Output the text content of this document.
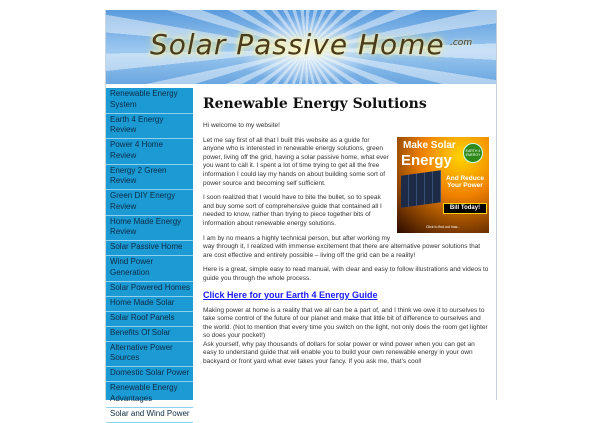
Solar Passive Home .com
Renewable Energy System
Earth 4 Energy Review
Power 4 Home Review
Energy 2 Green Review
Green DIY Energy Review
Home Made Energy Review
Solar Passive Home
Wind Power Generation
Solar Powered Homes
Home Made Solar
Solar Roof Panels
Benefits Of Solar
Alternative Power Sources
Domestic Solar Power
Renewable Energy Advantages
Solar and Wind Power
Renewable Energy Solutions

Hi welcome to my website!

Make Solar
Energy
EARTH 4 ENERGY
And Reduce Your Power
Bill Today!
Click to find out how...

Let me say first of all that I built this website as a guide for anyone who is interested in renewable energy solutions, green power, living off the grid, having a solar passive home, what ever you want to call it. I spent a lot of time trying to get all the free information I could lay my hands on about building some sort of power source and becoming self sufficient.

I soon realized that I would have to bite the bullet, so to speak and buy some sort of comprehensive guide that contained all I needed to know, rather than trying to piece together bits of information about renewable energy solutions.

I am by no means a highly technical person, but after working my way through it, I realized with immense excitement that there are alternative power solutions that are cost effective and entirely possible – living off the grid can be a reality!

Here is a great, simple easy to read manual, with clear and easy to follow illustrations and videos to guide you through the whole process.

Click Here for your Earth 4 Energy Guide

Making power at home is a reality that we all can be a part of, and I think we owe it to ourselves to take some control of the future of our planet and make that little bit of difference to ourselves and the world. (Not to mention that every time you switch on the light, not only does the room get lighter so does your pocket!)

Ask yourself, why pay thousands of dollars for solar power or wind power when you can get an easy to understand guide that will enable you to build your own renewable energy in your own backyard or front yard what ever takes your fancy. If you ask me, that's cool!
